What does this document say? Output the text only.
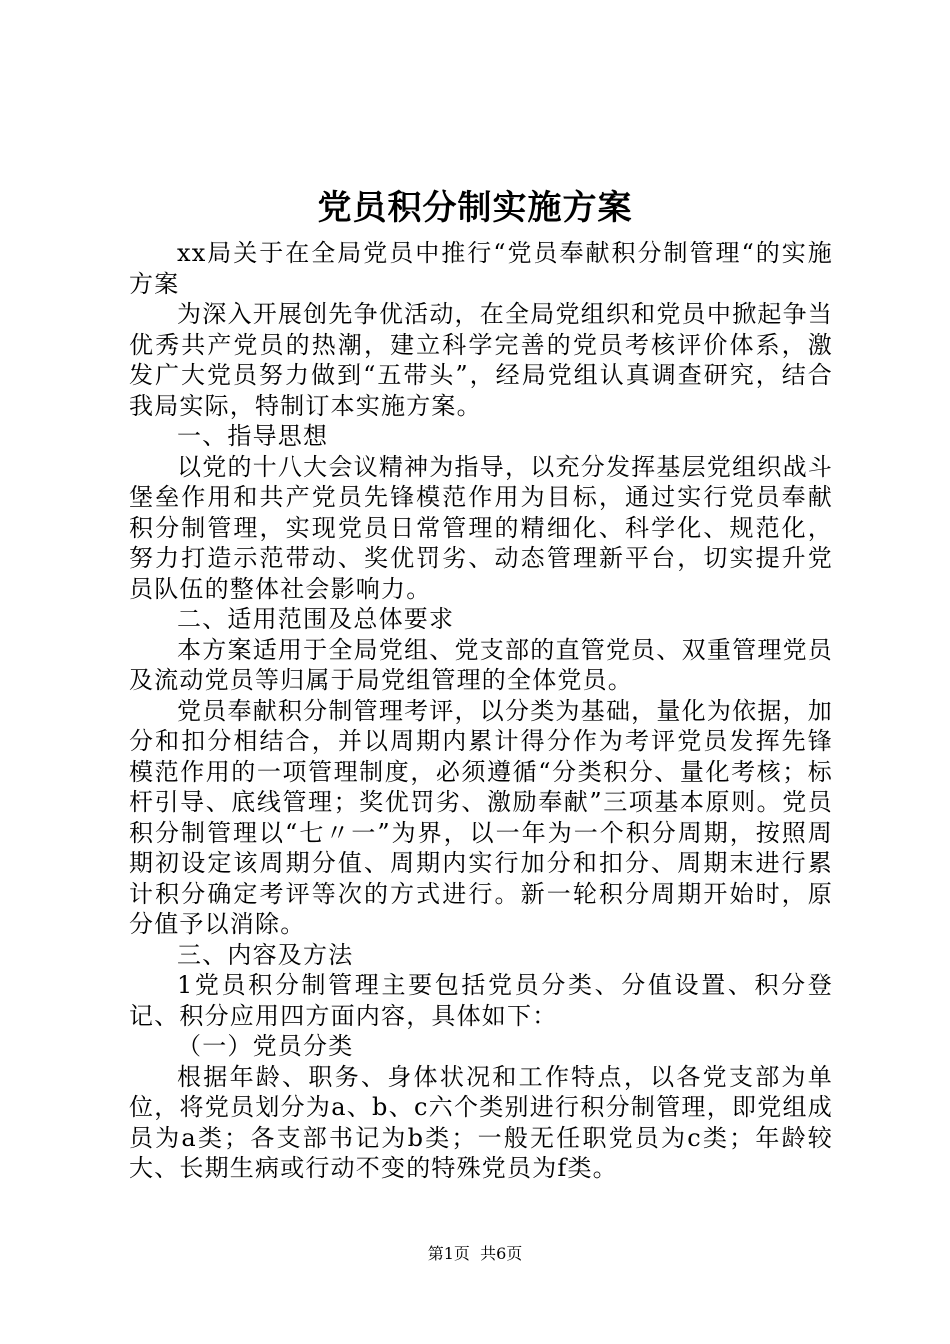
党员积分制实施方案

xx局关于在全局党员中推行“党员奉献积分制管理“的实施方案

为深入开展创先争优活动，在全局党组织和党员中掀起争当优秀共产党员的热潮，建立科学完善的党员考核评价体系，激发广大党员努力做到“五带头”，经局党组认真调查研究，结合我局实际，特制订本实施方案。

一、指导思想

以党的十八大会议精神为指导，以充分发挥基层党组织战斗堡垒作用和共产党员先锋模范作用为目标，通过实行党员奉献积分制管理，实现党员日常管理的精细化、科学化、规范化，努力打造示范带动、奖优罚劣、动态管理新平台，切实提升党员队伍的整体社会影响力。

二、适用范围及总体要求

本方案适用于全局党组、党支部的直管党员、双重管理党员及流动党员等归属于局党组管理的全体党员。

党员奉献积分制管理考评，以分类为基础，量化为依据，加分和扣分相结合，并以周期内累计得分作为考评党员发挥先锋模范作用的一项管理制度，必须遵循“分类积分、量化考核；标杆引导、底线管理；奖优罚劣、激励奉献”三项基本原则。党员积分制管理以“七〃一”为界，以一年为一个积分周期，按照周期初设定该周期分值、周期内实行加分和扣分、周期末进行累计积分确定考评等次的方式进行。新一轮积分周期开始时，原分值予以消除。

三、内容及方法

1党员积分制管理主要包括党员分类、分值设置、积分登记、积分应用四方面内容，具体如下：

（一）党员分类

根据年龄、职务、身体状况和工作特点，以各党支部为单位，将党员划分为a、b、c六个类别进行积分制管理，即党组成员为a类；各支部书记为b类；一般无任职党员为c类；年龄较大、长期生病或行动不变的特殊党员为f类。

第1页 共6页
